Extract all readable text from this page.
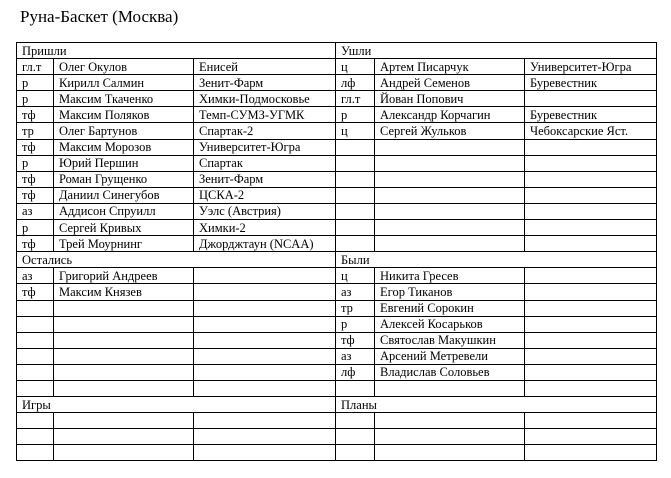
Руна-Баскет (Москва)
Пришли			Ушли		
гл.т	Олег Окулов	Енисей	ц	Артем Писарчук	Университет-Югра
р	Кирилл Салмин	Зенит-Фарм	лф	Андрей Семенов	Буревестник
р	Максим Ткаченко	Химки-Подмосковье	гл.т	Йован Попович	
тф	Максим Поляков	Темп-СУМЗ-УГМК	р	Александр Корчагин	Буревестник
тр	Олег Бартунов	Спартак-2	ц	Сергей Жульков	Чебоксарские Яст.
тф	Максим Морозов	Университет-Югра			
р	Юрий Першин	Спартак			
тф	Роман Грущенко	Зенит-Фарм			
тф	Даниил Синегубов	ЦСКА-2			
аз	Аддисон Спруилл	Уэлс (Австрия)			
р	Сергей Кривых	Химки-2			
тф	Трей Моурнинг	Джорджтаун (NCAA)			
Остались			Были		
аз	Григорий Андреев		ц	Никита Гресев	
тф	Максим Князев		аз	Егор Тиканов	
			тр	Евгений Сорокин	
			р	Алексей Косарьков	
			тф	Святослав Макушкин	
			аз	Арсений Метревели	
			лф	Владислав Соловьев	

Игры			Планы		
